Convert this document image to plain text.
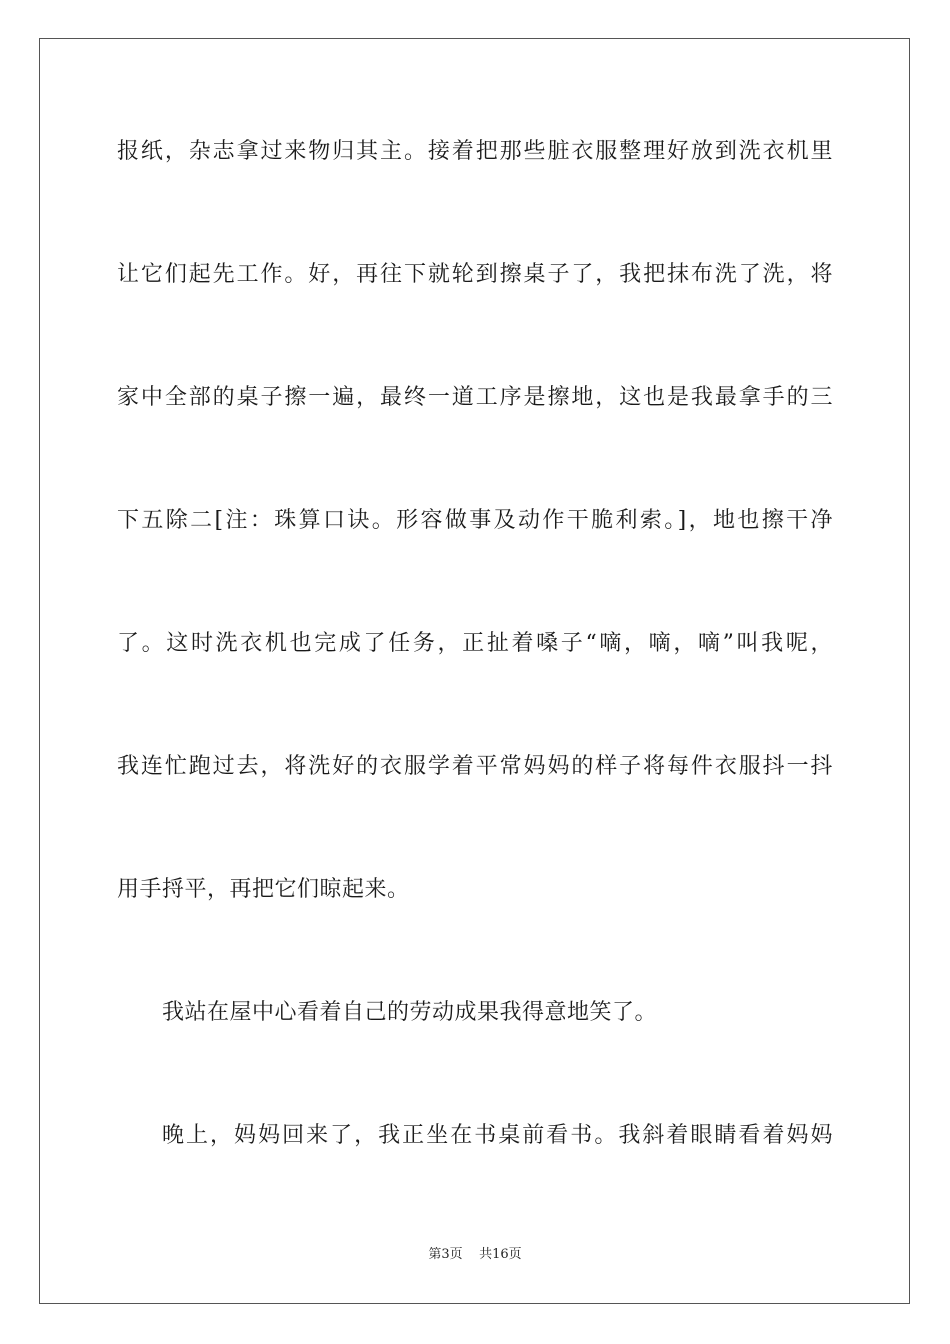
报纸，杂志拿过来物归其主。接着把那些脏衣服整理好放到洗衣机里

让它们起先工作。好，再往下就轮到擦桌子了，我把抹布洗了洗，将

家中全部的桌子擦一遍，最终一道工序是擦地，这也是我最拿手的三

下五除二[注：珠算口诀。形容做事及动作干脆利索。]，地也擦干净

了。这时洗衣机也完成了任务，正扯着嗓子“嘀，嘀，嘀”叫我呢，

我连忙跑过去，将洗好的衣服学着平常妈妈的样子将每件衣服抖一抖

用手捋平，再把它们晾起来。

我站在屋中心看着自己的劳动成果我得意地笑了。

晚上，妈妈回来了，我正坐在书桌前看书。我斜着眼睛看着妈妈

第3页 共16页
